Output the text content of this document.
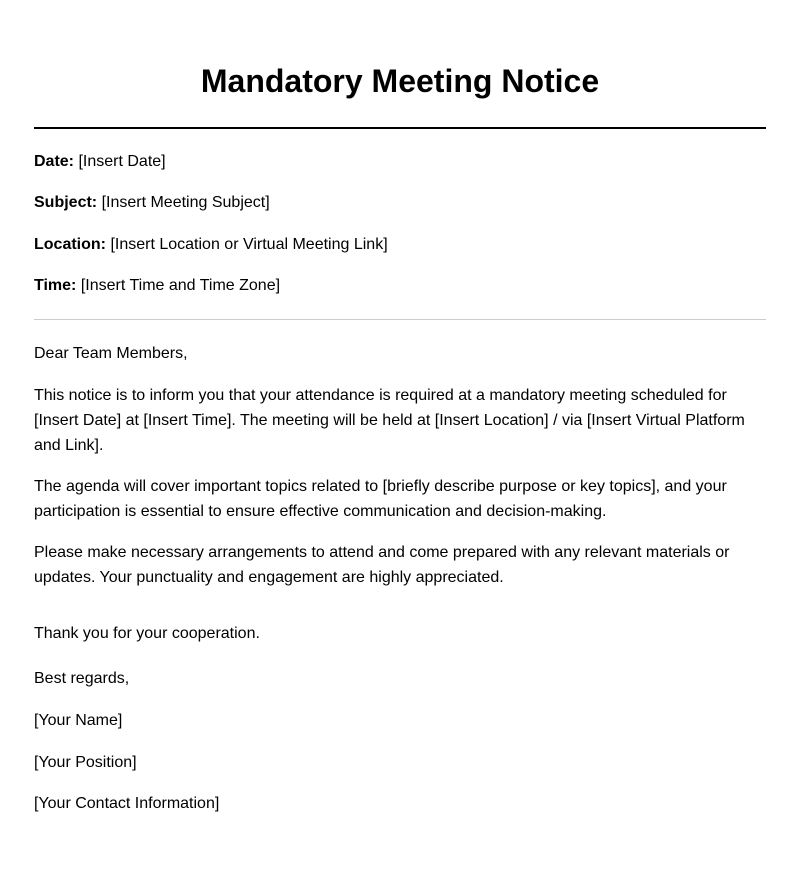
Mandatory Meeting Notice

Date: [Insert Date]

Subject: [Insert Meeting Subject]

Location: [Insert Location or Virtual Meeting Link]

Time: [Insert Time and Time Zone]

Dear Team Members,

This notice is to inform you that your attendance is required at a mandatory meeting scheduled for [Insert Date] at [Insert Time]. The meeting will be held at [Insert Location] / via [Insert Virtual Platform and Link].

The agenda will cover important topics related to [briefly describe purpose or key topics], and your participation is essential to ensure effective communication and decision-making.

Please make necessary arrangements to attend and come prepared with any relevant materials or updates. Your punctuality and engagement are highly appreciated.

Thank you for your cooperation.

Best regards,

[Your Name]

[Your Position]

[Your Contact Information]
